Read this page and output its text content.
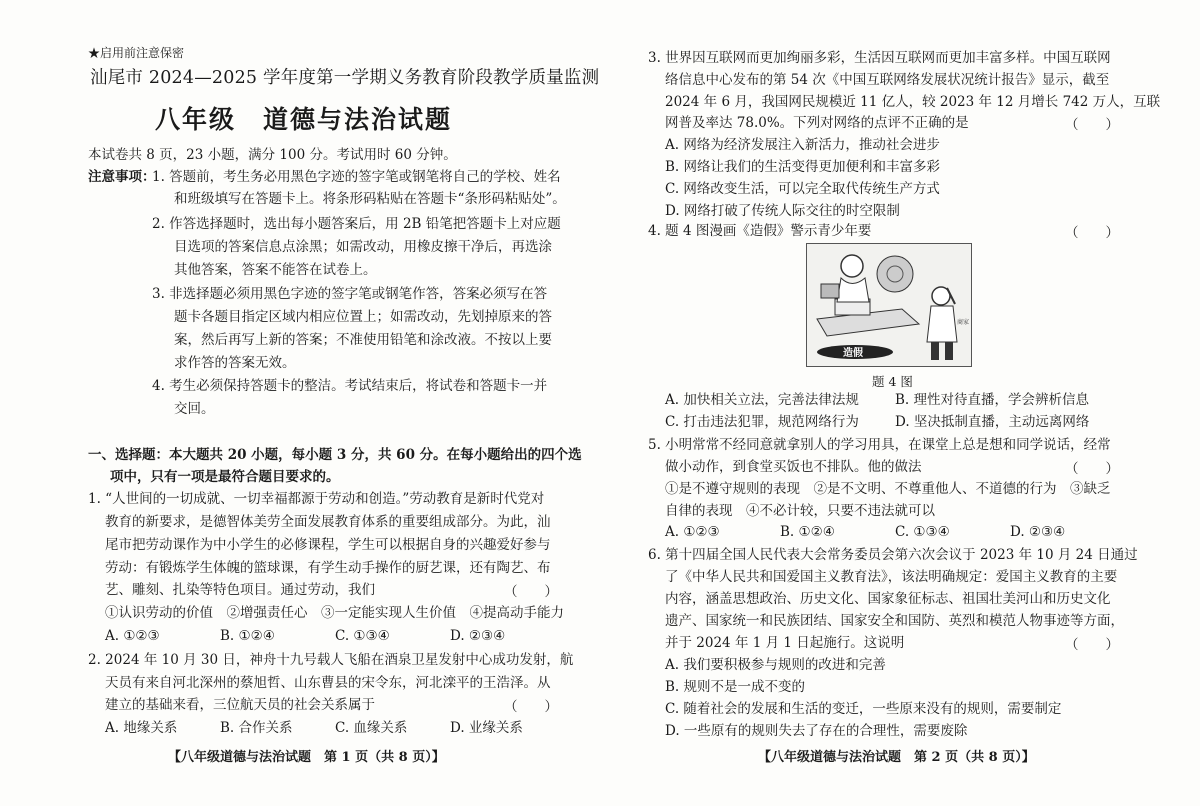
★启用前注意保密
汕尾市 2024—2025 学年度第一学期义务教育阶段教学质量监测
八年级　道德与法治试题
本试卷共 8 页，23 小题，满分 100 分。考试用时 60 分钟。
注意事项：
1. 答题前，考生务必用黑色字迹的签字笔或钢笔将自己的学校、姓名
和班级填写在答题卡上。将条形码粘贴在答题卡“条形码粘贴处”。
2. 作答选择题时，选出每小题答案后，用 2B 铅笔把答题卡上对应题
目选项的答案信息点涂黑；如需改动，用橡皮擦干净后，再选涂
其他答案，答案不能答在试卷上。
3. 非选择题必须用黑色字迹的签字笔或钢笔作答，答案必须写在答
题卡各题目指定区域内相应位置上；如需改动，先划掉原来的答
案，然后再写上新的答案；不准使用铅笔和涂改液。不按以上要
求作答的答案无效。
4. 考生必须保持答题卡的整洁。考试结束后，将试卷和答题卡一并
交回。
一、选择题：本大题共 20 小题，每小题 3 分，共 60 分。在每小题给出的四个选
项中，只有一项是最符合题目要求的。
1. “人世间的一切成就、一切幸福都源于劳动和创造。”劳动教育是新时代党对
教育的新要求，是德智体美劳全面发展教育体系的重要组成部分。为此，汕
尾市把劳动课作为中小学生的必修课程，学生可以根据自身的兴趣爱好参与
劳动：有锻炼学生体魄的篮球课，有学生动手操作的厨艺课，还有陶艺、布
艺、雕刻、扎染等特色项目。通过劳动，我们	（　　）
①认识劳动的价值　②增强责任心　③一定能实现人生价值　④提高动手能力
A. ①②③	B. ①②④	C. ①③④	D. ②③④
2. 2024 年 10 月 30 日，神舟十九号载人飞船在酒泉卫星发射中心成功发射，航
天员有来自河北深州的蔡旭哲、山东曹县的宋令东，河北滦平的王浩泽。从
建立的基础来看，三位航天员的社会关系属于	（　　）
A. 地缘关系	B. 合作关系	C. 血缘关系	D. 业缘关系
【八年级道德与法治试题　第 1 页（共 8 页）】
3. 世界因互联网而更加绚丽多彩，生活因互联网而更加丰富多样。中国互联网
络信息中心发布的第 54 次《中国互联网络发展状况统计报告》显示，截至
2024 年 6 月，我国网民规模近 11 亿人，较 2023 年 12 月增长 742 万人，互联
网普及率达 78.0%。下列对网络的点评不正确的是	（　　）
A. 网络为经济发展注入新活力，推动社会进步
B. 网络让我们的生活变得更加便利和丰富多彩
C. 网络改变生活，可以完全取代传统生产方式
D. 网络打破了传统人际交往的时空限制
4. 题 4 图漫画《造假》警示青少年要	（　　）
商家
造假
题 4 图
A. 加快相关立法，完善法律法规	B. 理性对待直播，学会辨析信息
C. 打击违法犯罪，规范网络行为	D. 坚决抵制直播，主动远离网络
5. 小明常常不经同意就拿别人的学习用具，在课堂上总是想和同学说话，经常
做小动作，到食堂买饭也不排队。他的做法	（　　）
①是不遵守规则的表现　②是不文明、不尊重他人、不道德的行为　③缺乏
自律的表现　④不必计较，只要不违法就可以
A. ①②③	B. ①②④	C. ①③④	D. ②③④
6. 第十四届全国人民代表大会常务委员会第六次会议于 2023 年 10 月 24 日通过
了《中华人民共和国爱国主义教育法》，该法明确规定：爱国主义教育的主要
内容，涵盖思想政治、历史文化、国家象征标志、祖国壮美河山和历史文化
遗产、国家统一和民族团结、国家安全和国防、英烈和模范人物事迹等方面，
并于 2024 年 1 月 1 日起施行。这说明	（　　）
A. 我们要积极参与规则的改进和完善
B. 规则不是一成不变的
C. 随着社会的发展和生活的变迁，一些原来没有的规则，需要制定
D. 一些原有的规则失去了存在的合理性，需要废除
【八年级道德与法治试题　第 2 页（共 8 页）】
